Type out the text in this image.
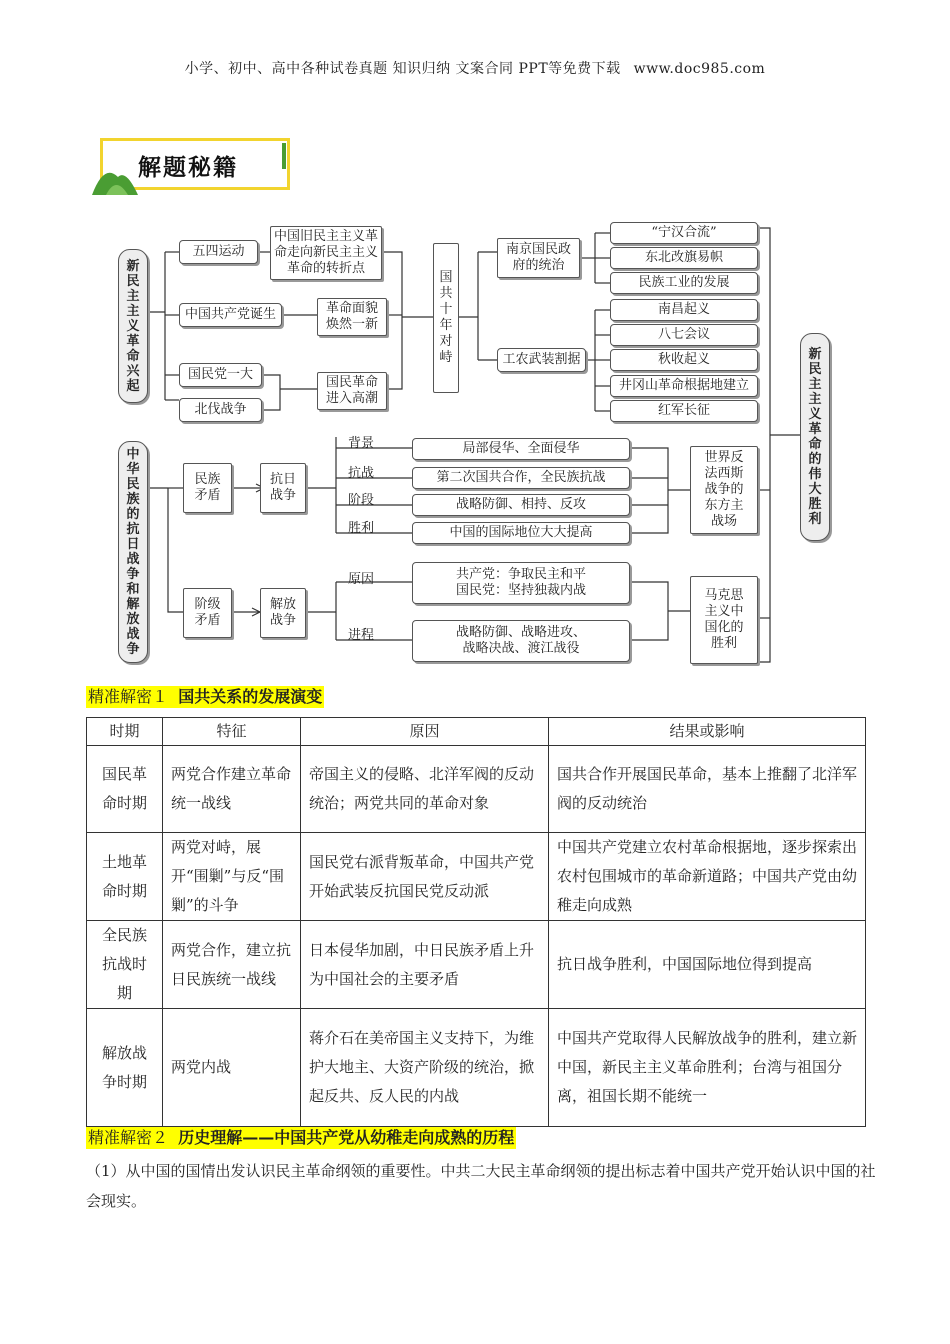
小学、初中、高中各种试卷真题 知识归纳 文案合同 PPT等免费下载 www.doc985.com
解题秘籍
新民主主义革命兴起
中华民族的抗日战争和解放战争
新民主主义革命的伟大胜利
国共十年对峙
五四运动
中国旧民主主义革命走向新民主主义革命的转折点
中国共产党诞生	革命面貌焕然一新
国民党一大
北伐战争
国民革命进入高潮
南京国民政府的统治
工农武装割据
“宁汉合流”
东北改旗易帜
民族工业的发展
南昌起义
八七会议
秋收起义
井冈山革命根据地建立
红军长征
民族矛盾
抗日战争
阶级矛盾
解放战争
背景
抗战
阶段
胜利
局部侵华、全面侵华
第二次国共合作，全民族抗战
战略防御、相持、反攻
中国的国际地位大大提高
世界反法西斯战争的东方主战场
原因
进程
共产党：争取民主和平
国民党：坚持独裁内战
战略防御、战略进攻、
战略决战、渡江战役
马克思主义中国化的胜利
精准解密１ 国共关系的发展演变
时期	特征	原因	结果或影响
国民革命时期	两党合作建立革命统一战线	帝国主义的侵略、北洋军阀的反动统治；两党共同的革命对象	国共合作开展国民革命，基本上推翻了北洋军阀的反动统治
土地革命时期	两党对峙，展开“围剿”与反“围剿”的斗争	国民党右派背叛革命，中国共产党开始武装反抗国民党反动派	中国共产党建立农村革命根据地，逐步探索出农村包围城市的革命新道路；中国共产党由幼稚走向成熟
全民族抗战时期	两党合作，建立抗日民族统一战线	日本侵华加剧，中日民族矛盾上升为中国社会的主要矛盾	抗日战争胜利，中国国际地位得到提高
解放战争时期	两党内战	蒋介石在美帝国主义支持下，为维护大地主、大资产阶级的统治，掀起反共、反人民的内战	中国共产党取得人民解放战争的胜利，建立新中国，新民主主义革命胜利；台湾与祖国分离，祖国长期不能统一
精准解密２ 历史理解——中国共产党从幼稚走向成熟的历程
（1）从中国的国情出发认识民主革命纲领的重要性。中共二大民主革命纲领的提出标志着中国共产党开始认识中国的社会现实。
